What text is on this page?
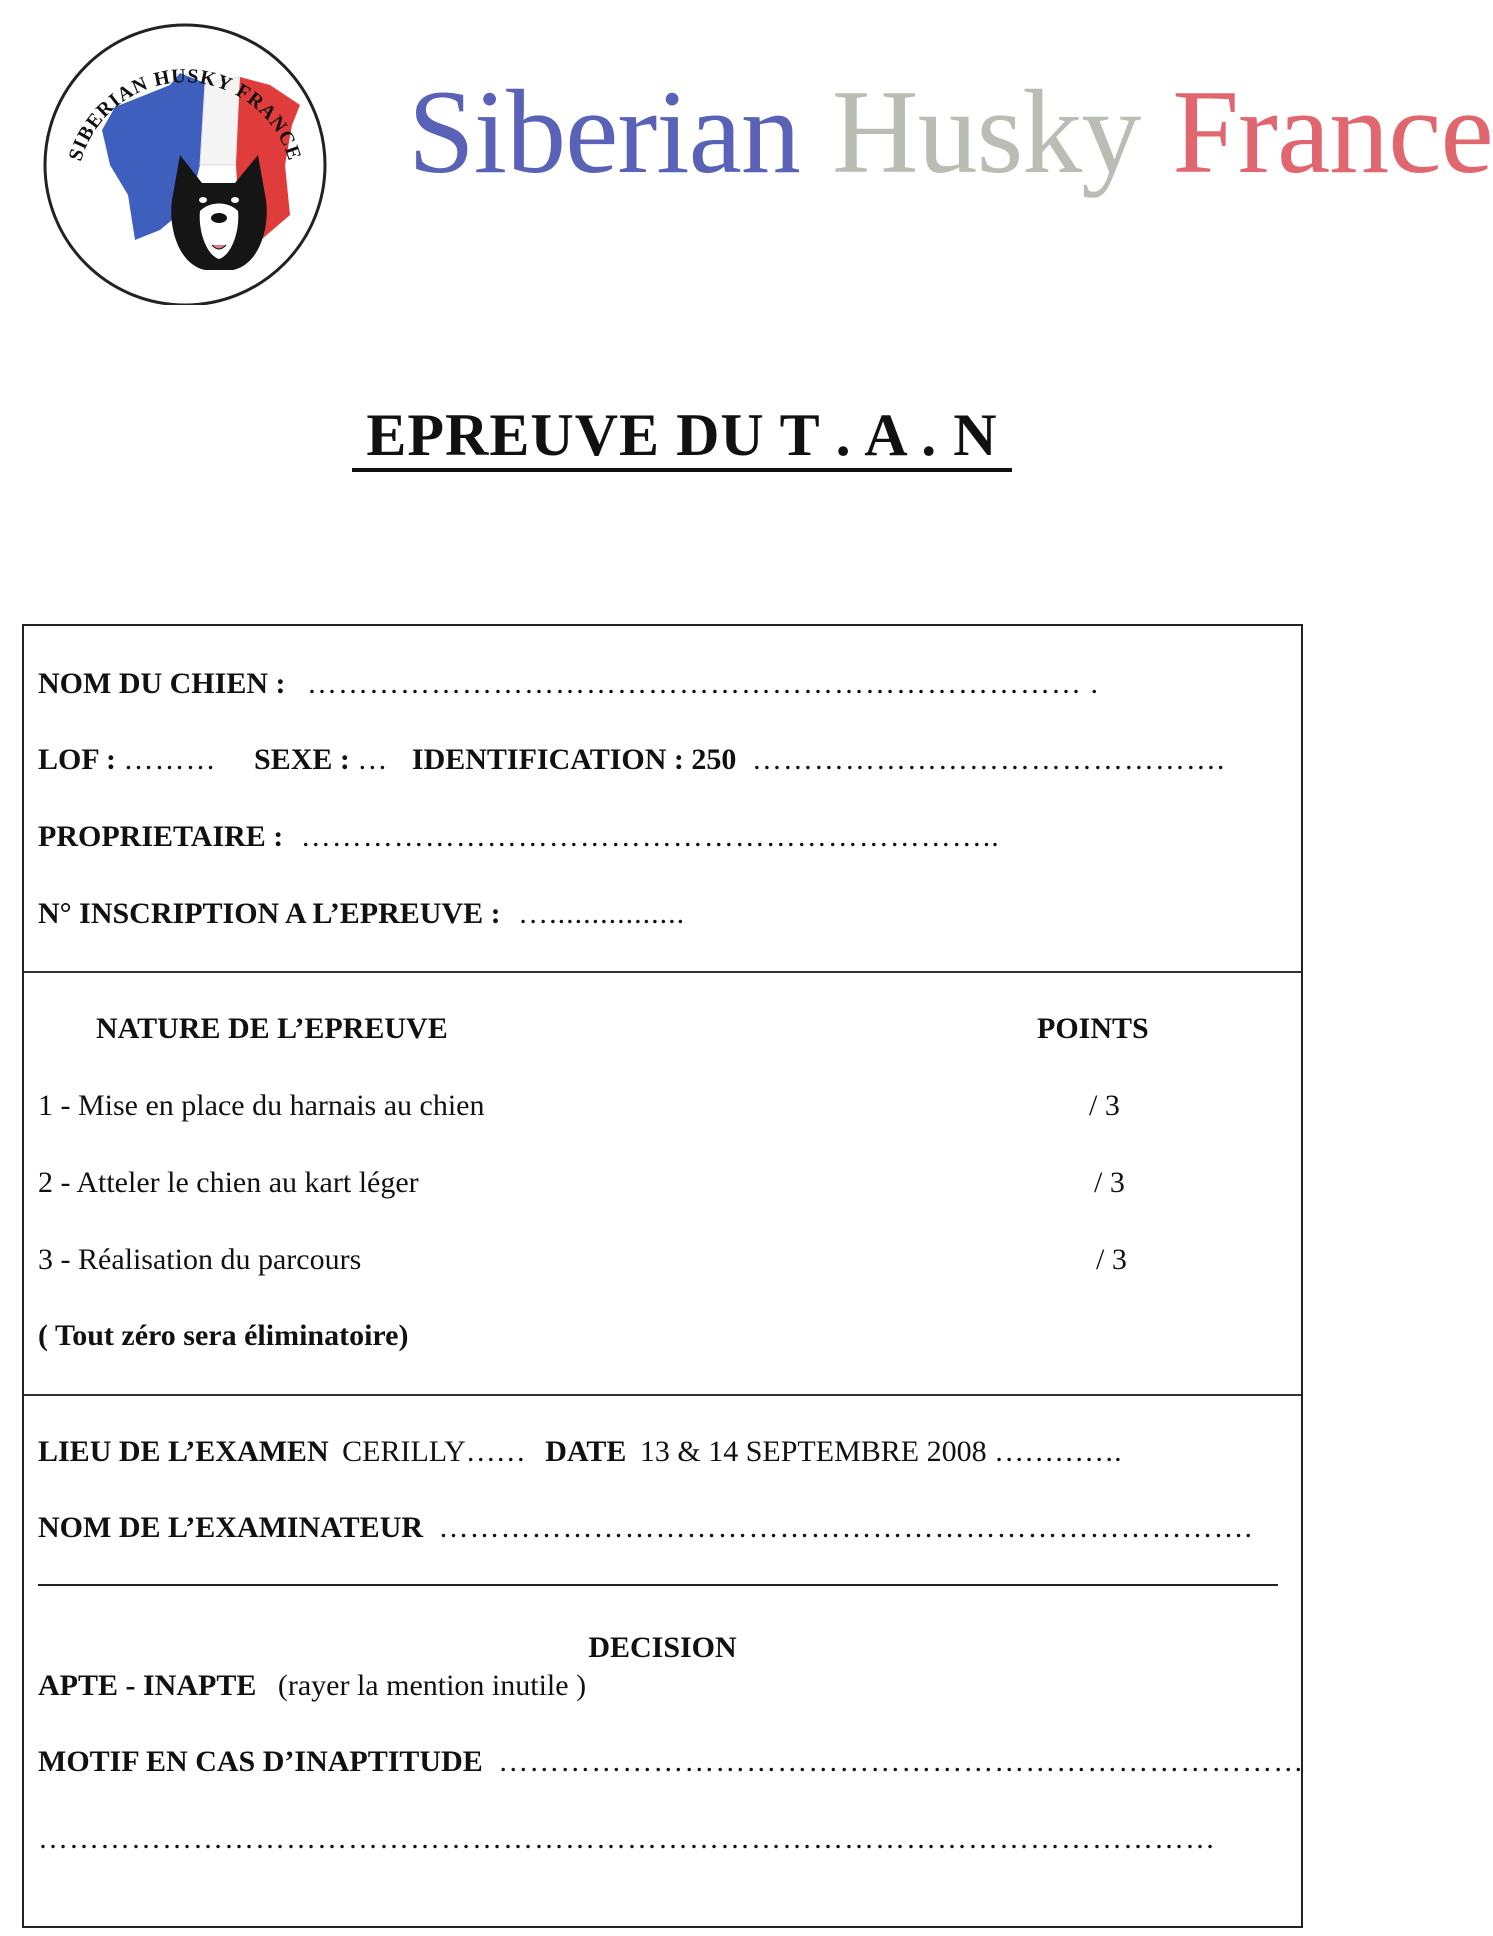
SIBERIAN HUSKY FRANCE Siberian Husky France
EPREUVE DU T . A . N
NOM DU CHIEN : ………………………………………………………………… .
LOF : ……… SEXE : … IDENTIFICATION : 250 ……………………………………….
PROPRIETAIRE : …………………………………………………………..
N° INSCRIPTION A L’EPREUVE : …................
NATURE DE L’EPREUVE	POINTS
1 - Mise en place du harnais au chien	/ 3
2 - Atteler le chien au kart léger	/ 3
3 - Réalisation du parcours	/ 3
( Tout zéro sera éliminatoire)
LIEU DE L’EXAMEN CERILLY…… DATE 13 & 14 SEPTEMBRE 2008 ………….
NOM DE L’EXAMINATEUR …………………………………………………………………….
DECISION
APTE - INAPTE (rayer la mention inutile )
MOTIF EN CAS D’INAPTITUDE ……………………………………………………………………
……………………………………………………………………………………………………
